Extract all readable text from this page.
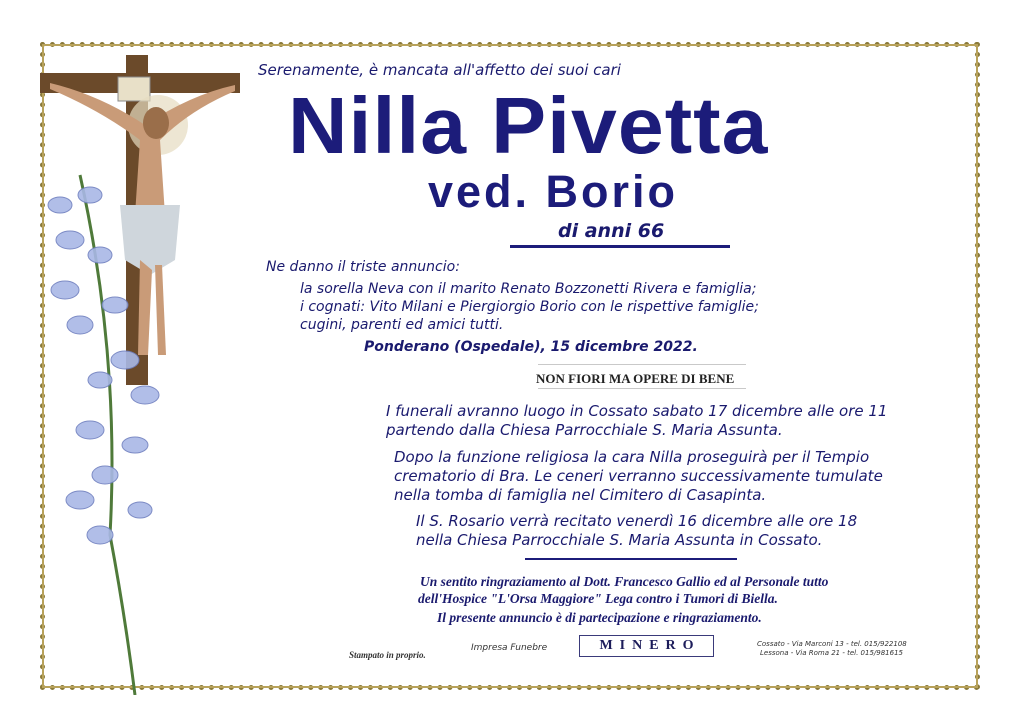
Serenamente, è mancata all'affetto dei suoi cari
Nilla Pivetta
ved. Borio
di anni 66
Ne danno il triste annuncio:
la sorella Neva con il marito Renato Bozzonetti Rivera e famiglia;
i cognati: Vito Milani e Piergiorgio Borio con le rispettive famiglie;
cugini, parenti ed amici tutti.
Ponderano (Ospedale), 15 dicembre 2022.
NON FIORI MA OPERE DI BENE
I funerali avranno luogo in Cossato sabato 17 dicembre alle ore 11
partendo dalla Chiesa Parrocchiale S. Maria Assunta.
Dopo la funzione religiosa la cara Nilla proseguirà per il Tempio
crematorio di Bra. Le ceneri verranno successivamente tumulate
nella tomba di famiglia nel Cimitero di Casapinta.
Il S. Rosario verrà recitato venerdì 16 dicembre alle ore 18
nella Chiesa Parrocchiale S. Maria Assunta in Cossato.
Un sentito ringraziamento al Dott. Francesco Gallio ed al Personale tutto
dell'Hospice "L'Orsa Maggiore" Lega contro i Tumori di Biella.
Il presente annuncio è di partecipazione e ringraziamento.
Stampato in proprio.
Impresa Funebre	MINERO	Cossato - Via Marconi 13 - tel. 015/922108
Lessona - Via Roma 21 - tel. 015/981615
